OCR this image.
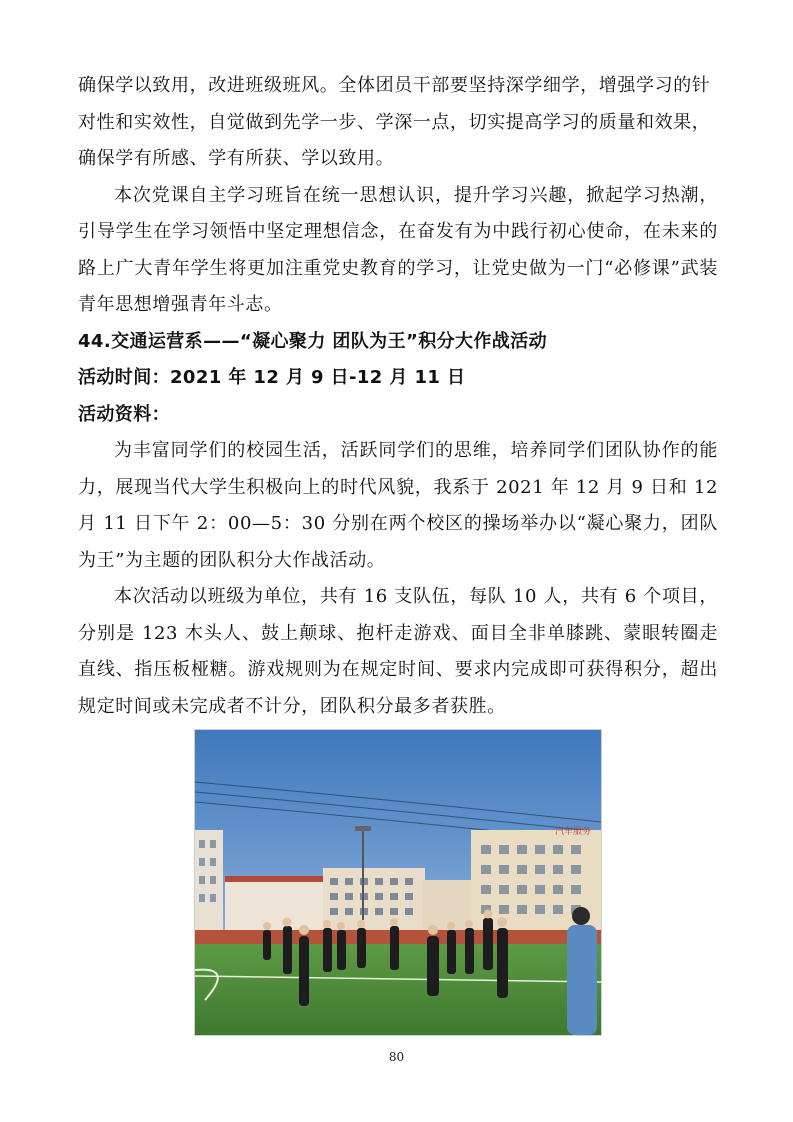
确保学以致用，改进班级班风。全体团员干部要坚持深学细学，增强学习的针
对性和实效性，自觉做到先学一步、学深一点，切实提高学习的质量和效果，
确保学有所感、学有所获、学以致用。

本次党课自主学习班旨在统一思想认识，提升学习兴趣，掀起学习热潮，引导学生在学习领悟中坚定理想信念，在奋发有为中践行初心使命，在未来的路上广大青年学生将更加注重党史教育的学习，让党史做为一门“必修课”武装青年思想增强青年斗志。

44.交通运营系——“凝心聚力 团队为王”积分大作战活动

活动时间：2021 年 12 月 9 日-12 月 11 日

活动资料：

为丰富同学们的校园生活，活跃同学们的思维，培养同学们团队协作的能力，展现当代大学生积极向上的时代风貌，我系于 2021 年 12 月 9 日和 12 月 11 日下午 2：00—5：30 分别在两个校区的操场举办以“凝心聚力，团队为王”为主题的团队积分大作战活动。

本次活动以班级为单位，共有 16 支队伍，每队 10 人，共有 6 个项目，分别是 123 木头人、鼓上颠球、抱杆走游戏、面目全非单膝跳、蒙眼转圈走直线、指压板桠糖。游戏规则为在规定时间、要求内完成即可获得积分，超出规定时间或未完成者不计分，团队积分最多者获胜。

汽车服务
80
